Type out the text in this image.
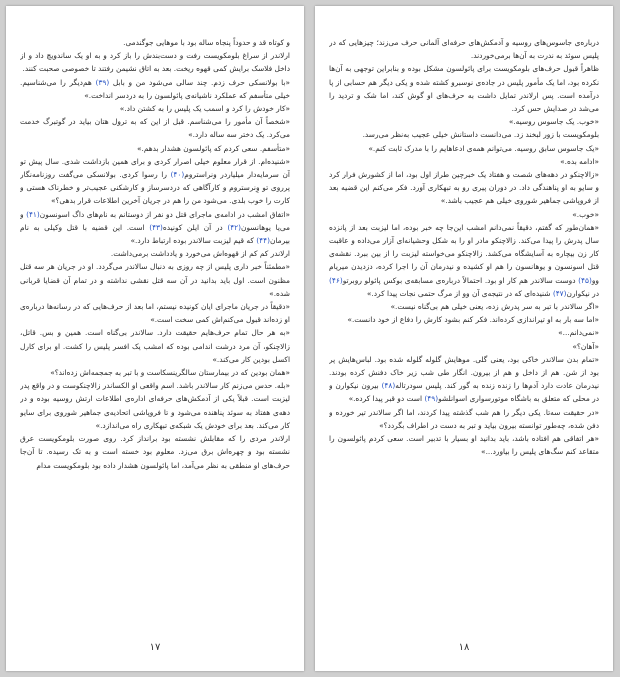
و کوتاه قد و حدوداً پنجاه ساله بود با موهایی جوگندمی.

ارلاندر از سراغ بلومکویست رفت و دست‌بندش را باز کرد و به او یک ساندویچ داد و از داخل فلاسک برایش کمی قهوه ریخت. بعد به اتاق نشیمن رفتند تا خصوصی صحبت کنند.

«با بولانسکی حرف زدم. چند سالی می‌شود من و بابل (۳۹) هم‌دیگر را می‌شناسیم. خیلی متأسفم که عملکرد ناشیانه‌ی پائولسون را به دردسر انداخت.»

«کار خودش را کرد و اسمب یک پلیس را به کشتن داد.»

«شخصاً آن مأمور را می‌شناسم. قبل از این که به ترول هتان بیاید در گوتبرگ خدمت می‌کرد. یک دختر سه ساله دارد.»

«متأسفم. سعی کردم که پائولسون هشدار بدهم.»

«شنیده‌ام. از قرار معلوم خیلی اصرار کردی و برای همین بازداشت شدی. سال پیش تو آن سرمایه‌دار میلیاردر ونراستروم(۴۰) را رسوا کردی. بولانسکی می‌گفت روزنامه‌نگار پرروی تو وِنرستروم و کارآگاهی که دردسرساز و کارشکنی عجیب‌تر و خطرناک هستی و کارت را خوب بلدی. می‌شود من را هم در جریان آخرین اطلاعات قرار بدهی؟»

«اتفاق امشب در ادامه‌ی ماجرای قتل دو نفر از دوستانم به نام‌های داگ اسونسون(۴۱) و می‌یا یوهانسون(۴۲) در آن ایلن کونیده(۴۳) است. این قضیه با قتل وکیلی به نام بیرمان(۴۴) که قیم لیزبت سالاندر بوده ارتباط دارد.»

ارلاندر کم کم از قهوه‌اش می‌خورد و یادداشت برمی‌داشت.

«مطمئناً خبر داری پلیس از چه روزی به دنبال سالاندر می‌گردد. او در جریان هر سه قتل مظنون است. اول باید بدانید در آن سه قتل نقشی نداشته و در تمام آن قضایا قربانی شده.»

«دقیقاً در جریان ماجرای ایان کونیده نیستم، اما بعد از حرف‌هایی که در رسانه‌ها درباره‌ی او زده‌اند قبول می‌کنم‌اش کمی سخت است.»

«به هر حال تمام حرف‌هایم حقیقت دارد. سالاندر بی‌گناه است. همین و بس. قاتل، زالاچنکو، آن مرد درشت اندامی بوده که امشب یک افسر پلیس را کشت. او برای کارل اکسل بودین کار می‌کند.»

«همان بودین که در بیمارستان سالگرینسکاست و با تبر به جمجمه‌اش زده‌اند؟»

«بله. حدس می‌زنم کار سالاندر باشد. اسم واقعی او الکساندر زالاچنکوست و در واقع پدر لیزبت است. قبلاً یکی از آدمکش‌های حرفه‌ای اداره‌ی اطلاعات ارتش روسیه بوده و در دهه‌ی هفتاد به سوئد پناهنده می‌شود و تا فروپاشی اتحادیه‌ی جماهیر شوروی برای سایو کار می‌کند. بعد برای خودش یک شبکه‌ی تبهکاری راه می‌اندازد.»

ارلاندر مردی را که مقابلش نشسته بود برانداز کرد. روی صورت بلومکویست عرق نشسته بود و چهره‌اش برق می‌زد. معلوم بود خسته است و به تک رسیده. تا آن‌جا حرف‌های او منطقی به نظر می‌آمد، اما پائولسون هشدار داده بود بلومکویست مدام

۱۷

درباره‌ی جاسوس‌های روسیه و آدمکش‌های حرفه‌ای آلمانی حرف می‌زند؛ چیزهایی که در پلیس سوئد به ندرت به آن‌ها برمی‌خوردند.

ظاهراً قبول حرف‌های بلومکویست برای پائولسون مشکل بوده و بنابراین توجهی به آن‌ها نکرده بود، اما یک مأمور پلیس در جاده‌ی نوسبرو کشته شده و یکی دیگر هم حسابی از پا درآمده است. پس ارلاندر تمایل داشت به حرف‌های او گوش کند، اما شک و تردید را می‌شد در صدایش حس کرد.

«خوب. یک جاسوس روسیه.»

بلومکویست با زور لبخند زد. می‌دانست داستانش خیلی عجیب به‌نظر می‌رسد.

«یک جاسوس سابق روسیه. می‌توانم همه‌ی ادعاهایم را با مدرک ثابت کنم.»

«ادامه بده.»

«زالاچنکو در دهه‌های شصت و هفتاد یک خبرچین طراز اول بود، اما از کشورش فرار کرد و سایو به او پناهندگی داد. در دوران پیری رو به تبهکاری آورد. فکر می‌کنم این قضیه بعد از فروپاشی جماهیر شوروی خیلی هم عجیب باشد.»

«خوب.»

«همان‌طور که گفتم، دقیقاً نمی‌دانم امشب این‌جا چه خبر بوده، اما لیزبت بعد از پانزده سال پدرش را پیدا می‌کند. زالاچنکو مادر او را به شکل وحشیانه‌ای آزار می‌داده و عاقبت کار زن بیچاره به آسایشگاه می‌کشد. زالاچنکو می‌خواسته لیزبت را از بین ببرد. نقشه‌ی قتل اسونسون و یوهانسون را هم او کشیده و نیدرمان آن را اجرا کرده، دزدیدن میریام وو(۴۵) دوست سالاندر هم کار او بود. احتمالاً درباره‌ی مسابقه‌ی بوکس پائولو روبرتو(۴۶) در نیکوارن(۴۷) شنیده‌ای که در نتیجه‌ی آن وو از مرگ حتمی نجات پیدا کرد.»

«اگر سالاندر با تبر به سر پدرش زده، یعنی خیلی هم بی‌گناه نیست.»

«اما سه بار به او تیراندازی کرده‌اند. فکر کنم بشود کارش را دفاع از خود دانست.»

«نمی‌دانم...»

«آهان؟»

«تمام بدن سالاندر خاکی بود، یعنی گلی. موهایش گلوله گلوله شده بود. لباس‌هایش پر بود از شن. هم از داخل و هم از بیرون. انگار طی شب زیر خاک دفنش کرده بودند. نیدرمان عادت دارد آدم‌ها را زنده زنده به گور کند. پلیس سودرتاله(۴۸) بیرون نیکوارن و در محلی که متعلق به باشگاه موتورسواری اسوانلشو(۴۹) است دو قبر پیدا کرده.»

«در حقیقت سه‌تا. یکی دیگر را هم شب گذشته پیدا کردند، اما اگر سالاندر تیر خورده و دفن شده، چه‌طور توانسته بیرون بیاید و تبر به دست در اطراف بگردد؟»

«هر اتفاقی هم افتاده باشد، باید بدانید او بسیار با تدبیر است. سعی کردم پائولسون را متقاعد کنم سگ‌های پلیس را بیاورد...»

۱۸
